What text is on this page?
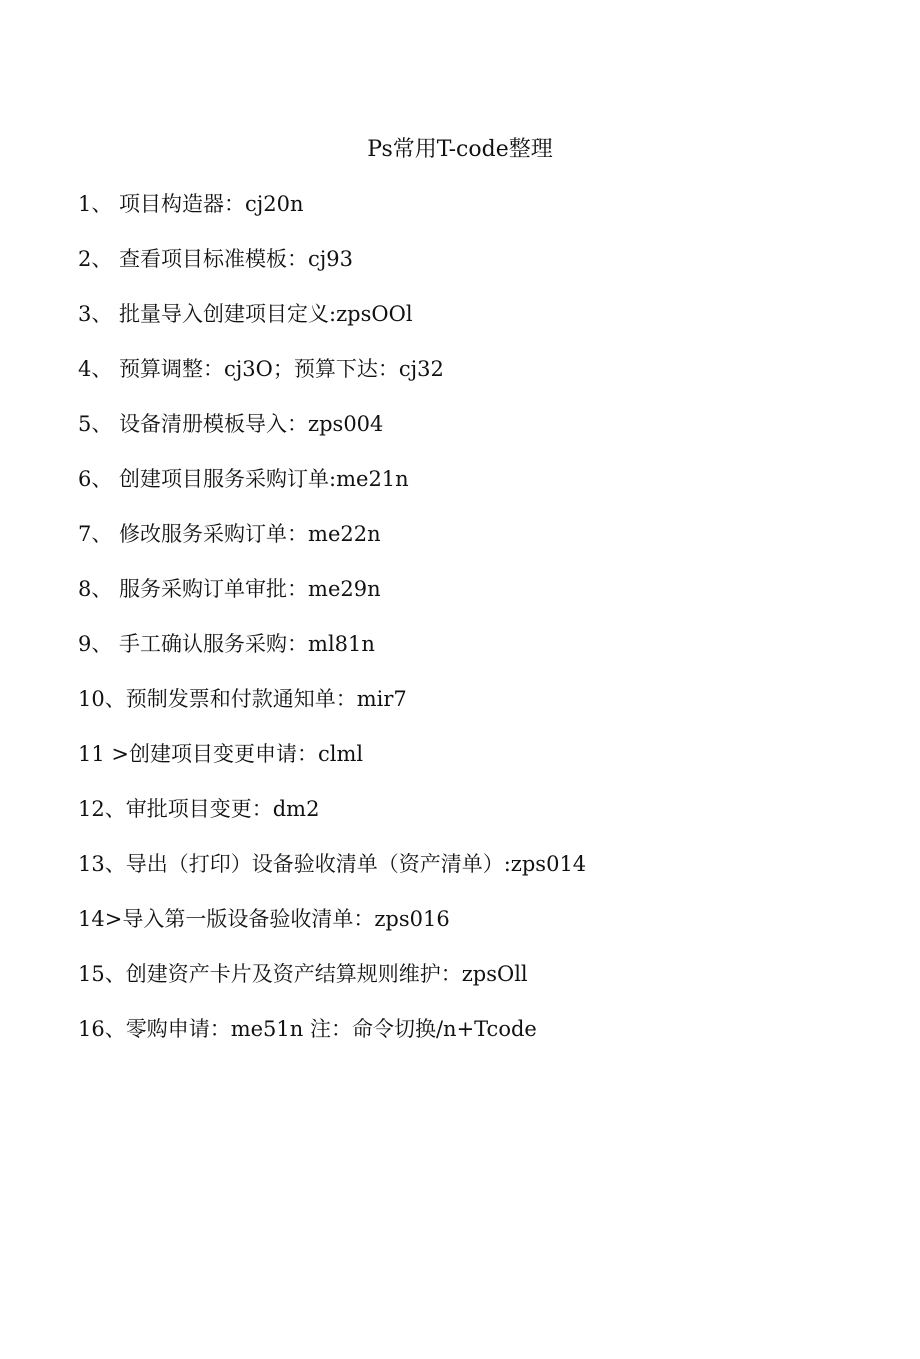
Ps常用T-code整理
1、 项目构造器：cj20n
2、 查看项目标准模板：cj93
3、 批量导入创建项目定义:zpsOOl
4、 预算调整：cj3O；预算下达：cj32
5、 设备清册模板导入：zps004
6、 创建项目服务采购订单:me21n
7、 修改服务采购订单：me22n
8、 服务采购订单审批：me29n
9、 手工确认服务采购：ml81n
10、预制发票和付款通知单：mir7
11 >创建项目变更申请：clml
12、审批项目变更：dm2
13、导出（打印）设备验收清单（资产清单）:zps014
14>导入第一版设备验收清单：zps016
15、创建资产卡片及资产结算规则维护：zpsOll
16、零购申请：me51n 注：命令切换/n+Tcode
